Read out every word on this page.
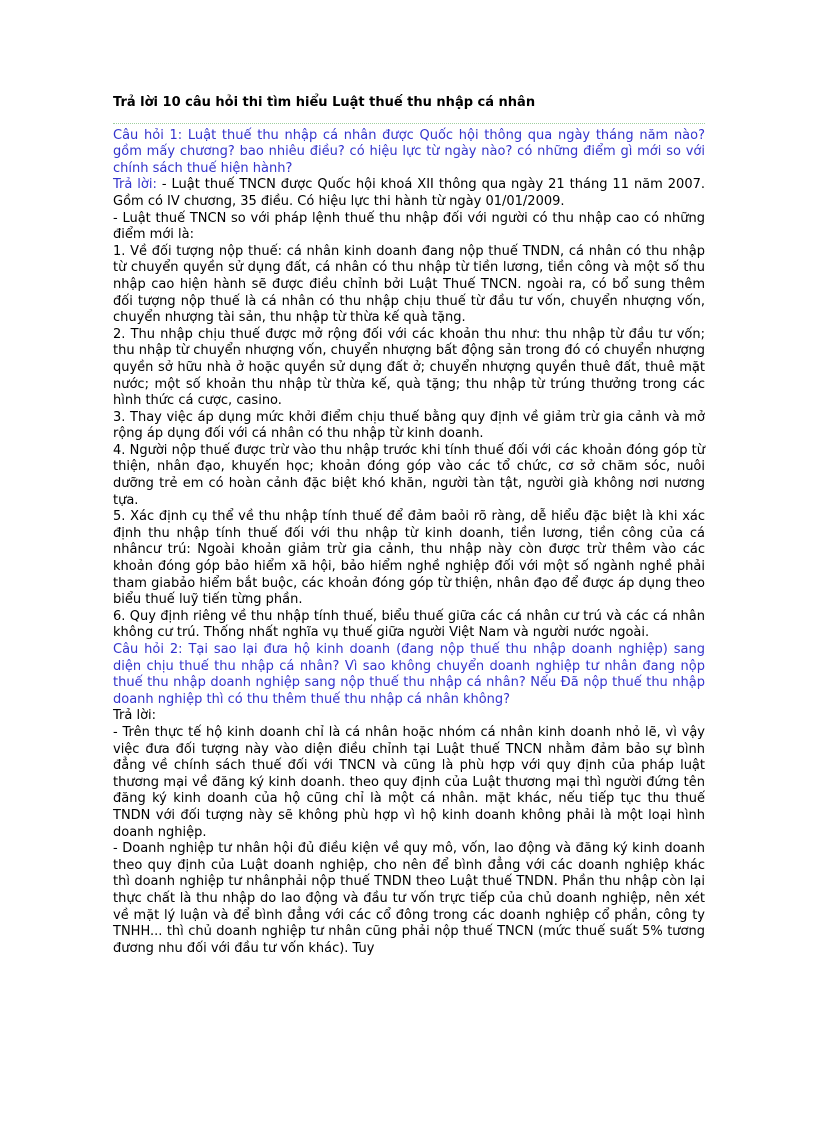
Trả lời 10 câu hỏi thi tìm hiểu Luật thuế thu nhập cá nhân

Câu hỏi 1: Luật thuế thu nhập cá nhân được Quốc hội thông qua ngày tháng năm nào? gồm mấy chương? bao nhiêu điều? có hiệu lực từ ngày nào? có những điểm gì mới so với chính sách thuế hiện hành?

Trả lời: - Luật thuế TNCN được Quốc hội khoá XII thông qua ngày 21 tháng 11 năm 2007. Gồm có IV chương, 35 điều. Có hiệu lực thi hành từ ngày 01/01/2009.

- Luật thuế TNCN so với pháp lệnh thuế thu nhập đối với người có thu nhập cao có những điểm mới là:

1. Về đối tượng nộp thuế: cá nhân kinh doanh đang nộp thuế TNDN, cá nhân có thu nhập từ chuyển quyền sử dụng đất, cá nhân có thu nhập từ tiền lương, tiền công và một số thu nhập cao hiện hành sẽ được điều chỉnh bởi Luật Thuế TNCN. ngoài ra, có bổ sung thêm đối tượng nộp thuế là cá nhân có thu nhập chịu thuế từ đầu tư vốn, chuyển nhượng vốn, chuyển nhượng tài sản, thu nhập từ thừa kế quà tặng.

2. Thu nhập chịu thuế được mở rộng đối với các khoản thu như: thu nhập từ đầu tư vốn; thu nhập từ chuyển nhượng vốn, chuyển nhượng bất động sản trong đó có chuyển nhượng quyền sở hữu nhà ở hoặc quyền sử dụng đất ở; chuyển nhượng quyền thuê đất, thuê mặt nước; một số khoản thu nhập từ thừa kế, quà tặng; thu nhập từ trúng thưởng trong các hình thức cá cược, casino.

3. Thay việc áp dụng mức khởi điểm chịu thuế bằng quy định về giảm trừ gia cảnh và mở rộng áp dụng đối với cá nhân có thu nhập từ kinh doanh.

4. Người nộp thuế được trừ vào thu nhập trước khi tính thuế đối với các khoản đóng góp từ thiện, nhân đạo, khuyến học; khoản đóng góp vào các tổ chức, cơ sở chăm sóc, nuôi dưỡng trẻ em có hoàn cảnh đặc biệt khó khăn, người tàn tật, người già không nơi nương tựa.

5. Xác định cụ thể về thu nhập tính thuế để đảm baỏi rõ ràng, dễ hiểu đặc biệt là khi xác định thu nhập tính thuế đối với thu nhập từ kinh doanh, tiền lương, tiền công của cá nhâncư trú: Ngoài khoản giảm trừ gia cảnh, thu nhập này còn được trừ thêm vào các khoản đóng góp bảo hiểm xã hội, bảo hiểm nghề nghiệp đối với một số ngành nghề phải tham giabảo hiểm bắt buộc, các khoản đóng góp từ thiện, nhân đạo để được áp dụng theo biểu thuế luỹ tiến từng phần.

6. Quy định riêng về thu nhập tính thuế, biểu thuế giữa các cá nhân cư trú và các cá nhân không cư trú. Thống nhất nghĩa vụ thuế giữa người Việt Nam và người nước ngoài.

Câu hỏi 2: Tại sao lại đưa hộ kinh doanh (đang nộp thuế thu nhập doanh nghiệp) sang diện chịu thuế thu nhập cá nhân? Vì sao không chuyển doanh nghiệp tư nhân đang nộp thuế thu nhập doanh nghiệp sang nộp thuế thu nhập cá nhân? Nếu Đã nộp thuế thu nhập doanh nghiệp thì có thu thêm thuế thu nhập cá nhân không?

Trả lời:

- Trên thực tế hộ kinh doanh chỉ là cá nhân hoặc nhóm cá nhân kinh doanh nhỏ lẽ, vì vậy việc đưa đối tượng này vào diện điều chỉnh tại Luật thuế TNCN nhằm đảm bảo sự bình đẳng về chính sách thuế đối với TNCN và cũng là phù hợp với quy định của pháp luật thương mại về đăng ký kinh doanh. theo quy định của Luật thương mại thì người đứng tên đăng ký kinh doanh của hộ cũng chỉ là một cá nhân. mặt khác, nếu tiếp tục thu thuế TNDN với đối tượng này sẽ không phù hợp vì hộ kinh doanh không phải là một loại hình doanh nghiệp.

- Doanh nghiệp tư nhân hội đủ điều kiện về quy mô, vốn, lao động và đăng ký kinh doanh theo quy định của Luật doanh nghiệp, cho nên để bình đẳng với các doanh nghiệp khác thì doanh nghiệp tư nhânphải nộp thuế TNDN theo Luật thuế TNDN. Phần thu nhập còn lại thực chất là thu nhập do lao động và đầu tư vốn trực tiếp của chủ doanh nghiệp, nên xét về mặt lý luận và để bình đẳng với các cổ đông trong các doanh nghiệp cổ phần, công ty TNHH... thì chủ doanh nghiệp tư nhân cũng phải nộp thuế TNCN (mức thuế suất 5% tương đương nhu đối với đầu tư vốn khác). Tuy
